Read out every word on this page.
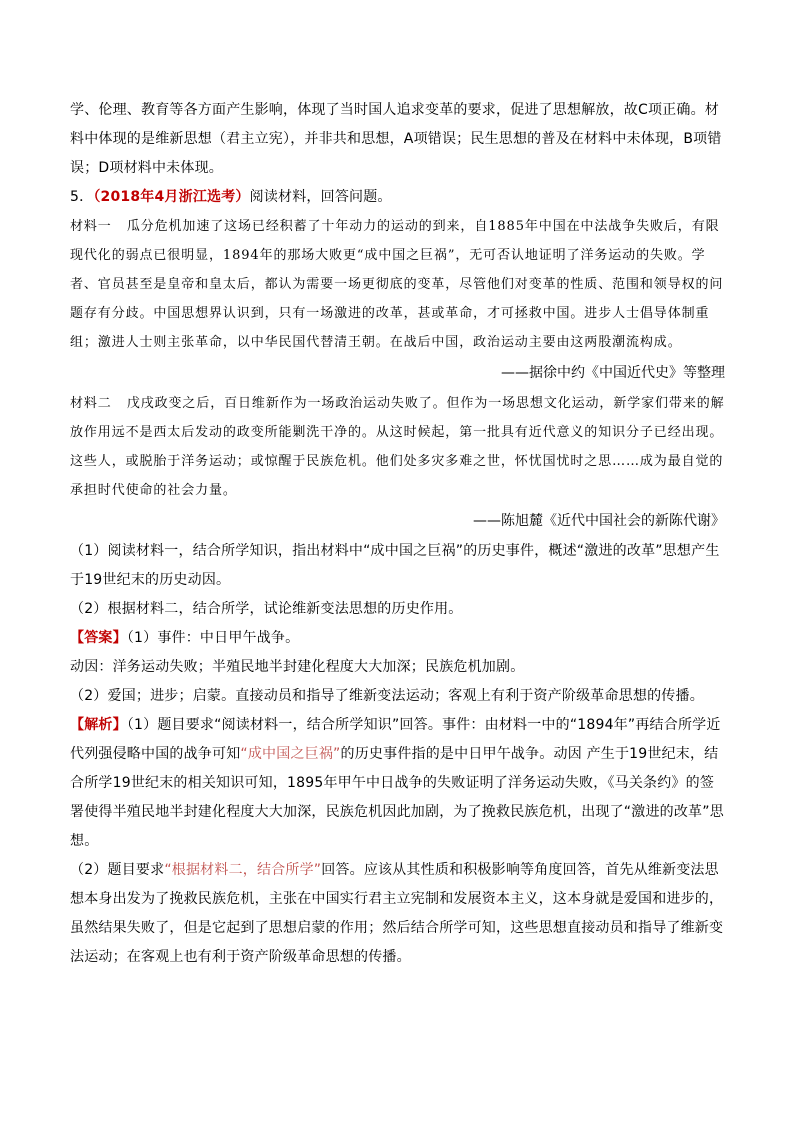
学、伦理、教育等各方面产生影响，体现了当时国人追求变革的要求，促进了思想解放，故C项正确。材料中体现的是维新思想（君主立宪），并非共和思想，A项错误；民生思想的普及在材料中未体现，B项错误；D项材料中未体现。

5．（2018年4月浙江选考）阅读材料，回答问题。

材料一 瓜分危机加速了这场已经积蓄了十年动力的运动的到来，自1885年中国在中法战争失败后，有限现代化的弱点已很明显，1894年的那场大败更“成中国之巨祸”，无可否认地证明了洋务运动的失败。学者、官员甚至是皇帝和皇太后，都认为需要一场更彻底的变革，尽管他们对变革的性质、范围和领导权的问题存有分歧。中国思想界认识到，只有一场激进的改革，甚或革命，才可拯救中国。进步人士倡导体制重组；激进人士则主张革命，以中华民国代替清王朝。在战后中国，政治运动主要由这两股潮流构成。

——据徐中约《中国近代史》等整理

材料二 戊戌政变之后，百日维新作为一场政治运动失败了。但作为一场思想文化运动，新学家们带来的解放作用远不是西太后发动的政变所能剿洗干净的。从这时候起，第一批具有近代意义的知识分子已经出现。这些人，或脱胎于洋务运动；或惊醒于民族危机。他们处多灾多难之世，怀忧国忧时之思……成为最自觉的承担时代使命的社会力量。

——陈旭麓《近代中国社会的新陈代谢》

（1）阅读材料一，结合所学知识，指出材料中“成中国之巨祸”的历史事件，概述“激进的改革”思想产生于19世纪末的历史动因。

（2）根据材料二，结合所学，试论维新变法思想的历史作用。

【答案】（1）事件：中日甲午战争。

动因：洋务运动失败；半殖民地半封建化程度大大加深；民族危机加剧。

（2）爱国；进步；启蒙。直接动员和指导了维新变法运动；客观上有利于资产阶级革命思想的传播。

【解析】（1）题目要求“阅读材料一，结合所学知识”回答。事件：由材料一中的“1894年”再结合所学近代列强侵略中国的战争可知“成中国之巨祸”的历史事件指的是中日甲午战争。动因 产生于19世纪末，结合所学19世纪末的相关知识可知，1895年甲午中日战争的失败证明了洋务运动失败，《马关条约》的签署使得半殖民地半封建化程度大大加深，民族危机因此加剧，为了挽救民族危机，出现了“激进的改革”思想。

（2）题目要求“根据材料二，结合所学”回答。应该从其性质和积极影响等角度回答，首先从维新变法思想本身出发为了挽救民族危机，主张在中国实行君主立宪制和发展资本主义，这本身就是爱国和进步的，虽然结果失败了，但是它起到了思想启蒙的作用；然后结合所学可知，这些思想直接动员和指导了维新变法运动；在客观上也有利于资产阶级革命思想的传播。
